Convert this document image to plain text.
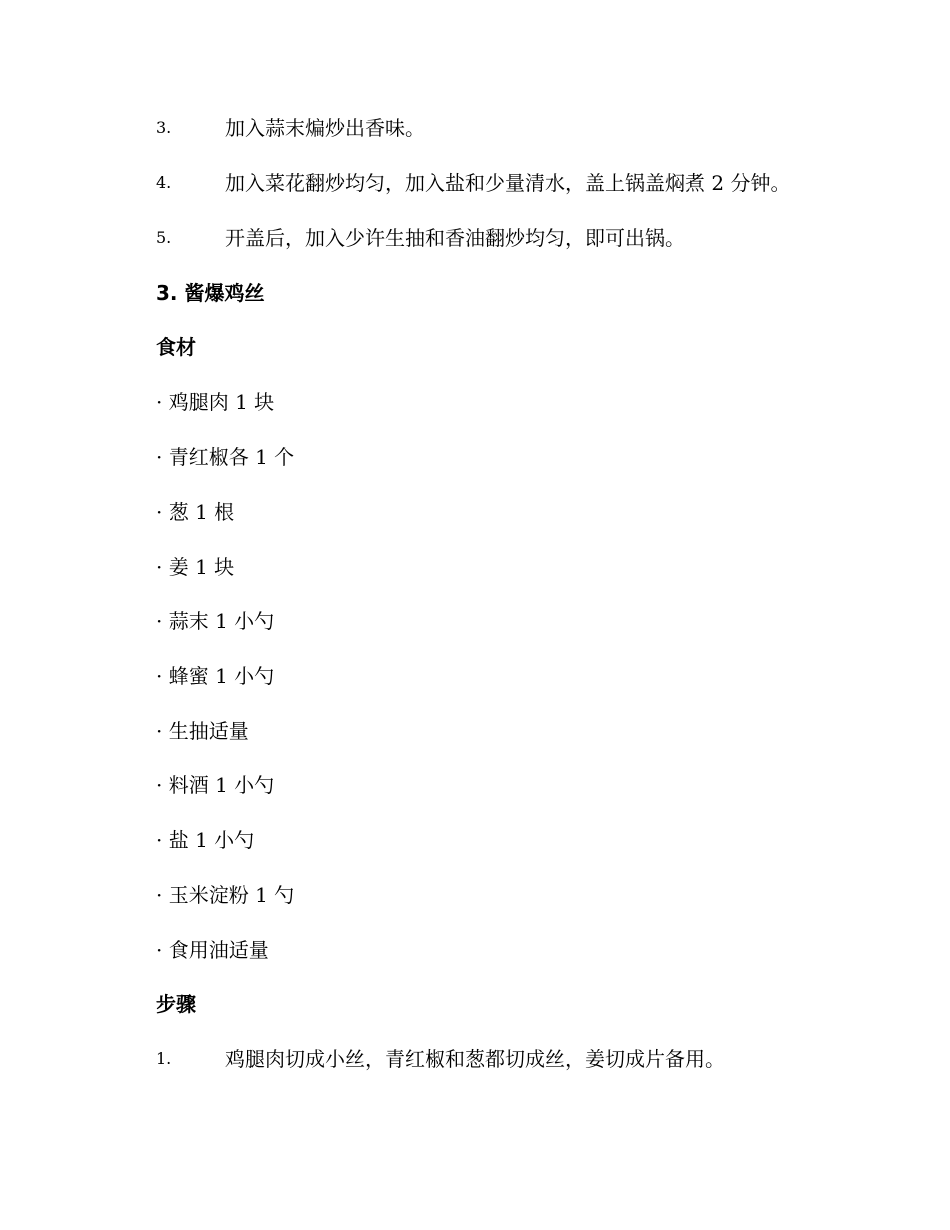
3.	加入蒜末煸炒出香味。
4.	加入菜花翻炒均匀，加入盐和少量清水，盖上锅盖焖煮 2 分钟。
5.	开盖后，加入少许生抽和香油翻炒均匀，即可出锅。
3. 酱爆鸡丝
食材
· 鸡腿肉 1 块
· 青红椒各 1 个
· 葱 1 根
· 姜 1 块
· 蒜末 1 小勺
· 蜂蜜 1 小勺
· 生抽适量
· 料酒 1 小勺
· 盐 1 小勺
· 玉米淀粉 1 勺
· 食用油适量
步骤
1.	鸡腿肉切成小丝，青红椒和葱都切成丝，姜切成片备用。
